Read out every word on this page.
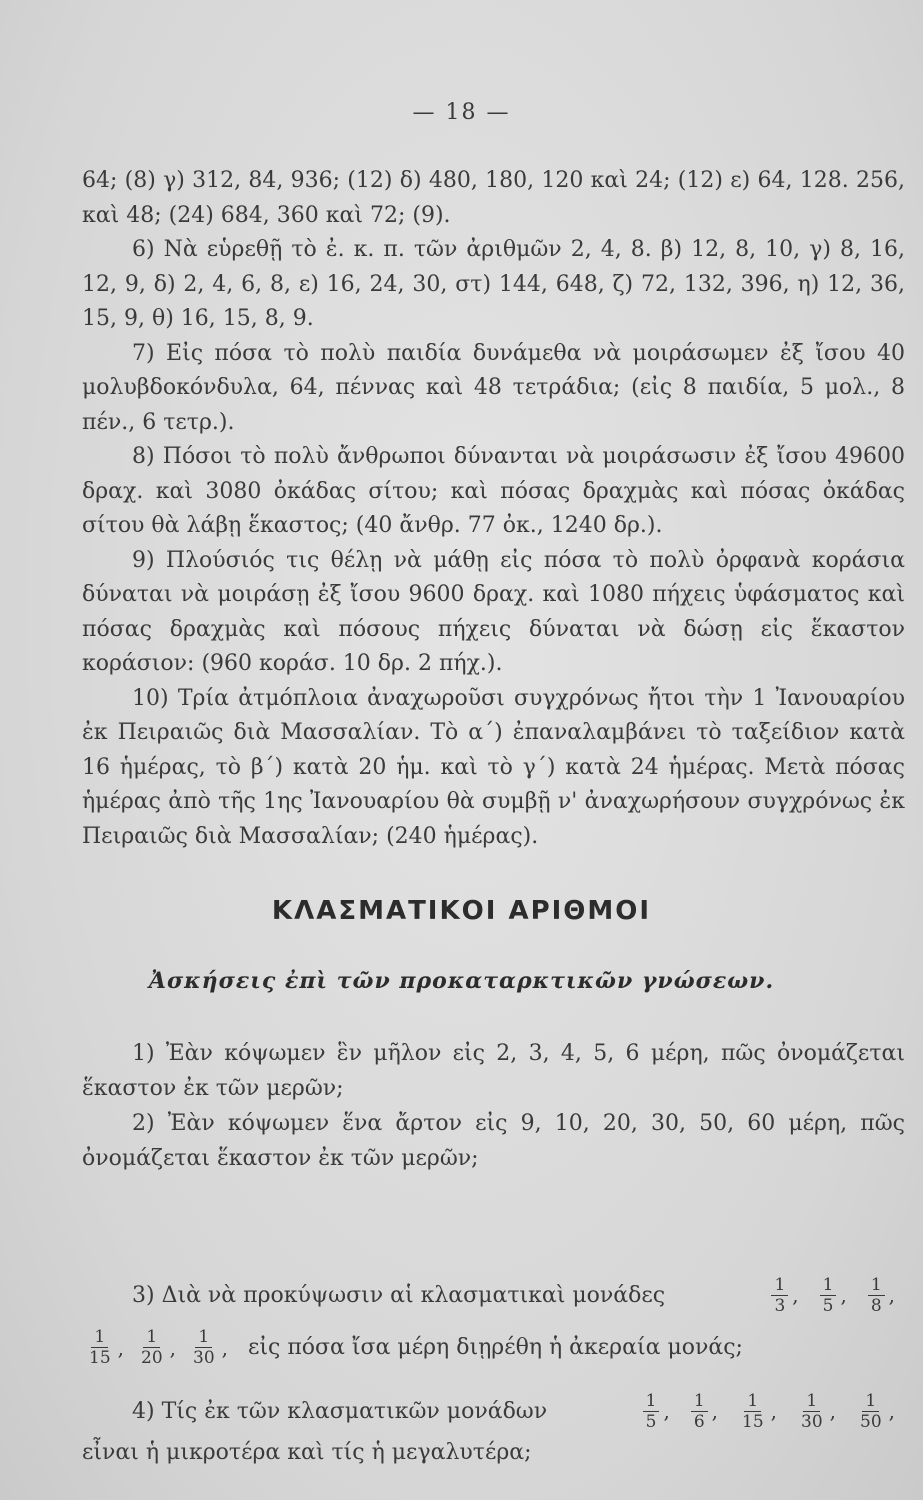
— 18 —

64; (8) γ) 312, 84, 936; (12) δ) 480, 180, 120 καὶ 24; (12) ε) 64, 128. 256, καὶ 48; (24) 684, 360 καὶ 72; (9).

6) Νὰ εὑρεθῇ τὸ ἐ. κ. π. τῶν ἀριθμῶν 2, 4, 8. β) 12, 8, 10, γ) 8, 16, 12, 9, δ) 2, 4, 6, 8, ε) 16, 24, 30, στ) 144, 648, ζ) 72, 132, 396, η) 12, 36, 15, 9, θ) 16, 15, 8, 9.

7) Εἰς πόσα τὸ πολὺ παιδία δυνάμεθα νὰ μοιράσωμεν ἐξ ἴσου 40 μολυβδοκόνδυλα, 64, πέννας καὶ 48 τετράδια; (εἰς 8 παιδία, 5 μολ., 8 πέν., 6 τετρ.).

8) Πόσοι τὸ πολὺ ἄνθρωποι δύνανται νὰ μοιράσωσιν ἐξ ἴσου 49600 δραχ. καὶ 3080 ὀκάδας σίτου; καὶ πόσας δραχμὰς καὶ πόσας ὀκάδας σίτου θὰ λάβῃ ἕκαστος; (40 ἄνθρ. 77 ὀκ., 1240 δρ.).

9) Πλούσιός τις θέλῃ νὰ μάθῃ εἰς πόσα τὸ πολὺ ὀρφανὰ κοράσια δύναται νὰ μοιράσῃ ἐξ ἴσου 9600 δραχ. καὶ 1080 πήχεις ὑφάσματος καὶ πόσας δραχμὰς καὶ πόσους πήχεις δύναται νὰ δώσῃ εἰς ἕκαστον κοράσιον: (960 κοράσ. 10 δρ. 2 πήχ.).

10) Τρία ἀτμόπλοια ἀναχωροῦσι συγχρόνως ἤτοι τὴν 1 Ἰανουαρίου ἐκ Πειραιῶς διὰ Μασσαλίαν. Τὸ α΄) ἐπαναλαμβάνει τὸ ταξείδιον κατὰ 16 ἡμέρας, τὸ β΄) κατὰ 20 ἡμ. καὶ τὸ γ΄) κατὰ 24 ἡμέρας. Μετὰ πόσας ἡμέρας ἀπὸ τῆς 1ης Ἰανουαρίου θὰ συμβῇ ν' ἀναχωρήσουν συγχρόνως ἐκ Πειραιῶς διὰ Μασσαλίαν; (240 ἡμέρας).

ΚΛΑΣΜΑΤΙΚΟΙ ΑΡΙΘΜΟΙ
Ἀσκήσεις ἐπὶ τῶν προκαταρκτικῶν γνώσεων.

1) Ἐὰν κόψωμεν ἓν μῆλον εἰς 2, 3, 4, 5, 6 μέρη, πῶς ὀνομάζεται ἕκαστον ἐκ τῶν μερῶν;

2) Ἐὰν κόψωμεν ἕνα ἄρτον εἰς 9, 10, 20, 30, 50, 60 μέρη, πῶς ὀνομάζεται ἕκαστον ἐκ τῶν μερῶν;

3) Διὰ νὰ προκύψωσιν αἱ κλασματικαὶ μονάδες	$\frac{1}{3}$ , $\frac{1}{5}$ , $\frac{1}{8}$ ,
$\frac{1}{15}$ , $\frac{1}{20}$ , $\frac{1}{30}$ , εἰς πόσα ἴσα μέρη διῃρέθη ἡ ἀκεραία μονάς;
4) Τίς ἐκ τῶν κλασματικῶν μονάδων	$\frac{1}{5}$ , $\frac{1}{6}$ , $\frac{1}{15}$ , $\frac{1}{30}$ , $\frac{1}{50}$ ,

εἶναι ἡ μικροτέρα καὶ τίς ἡ μεγαλυτέρα;
